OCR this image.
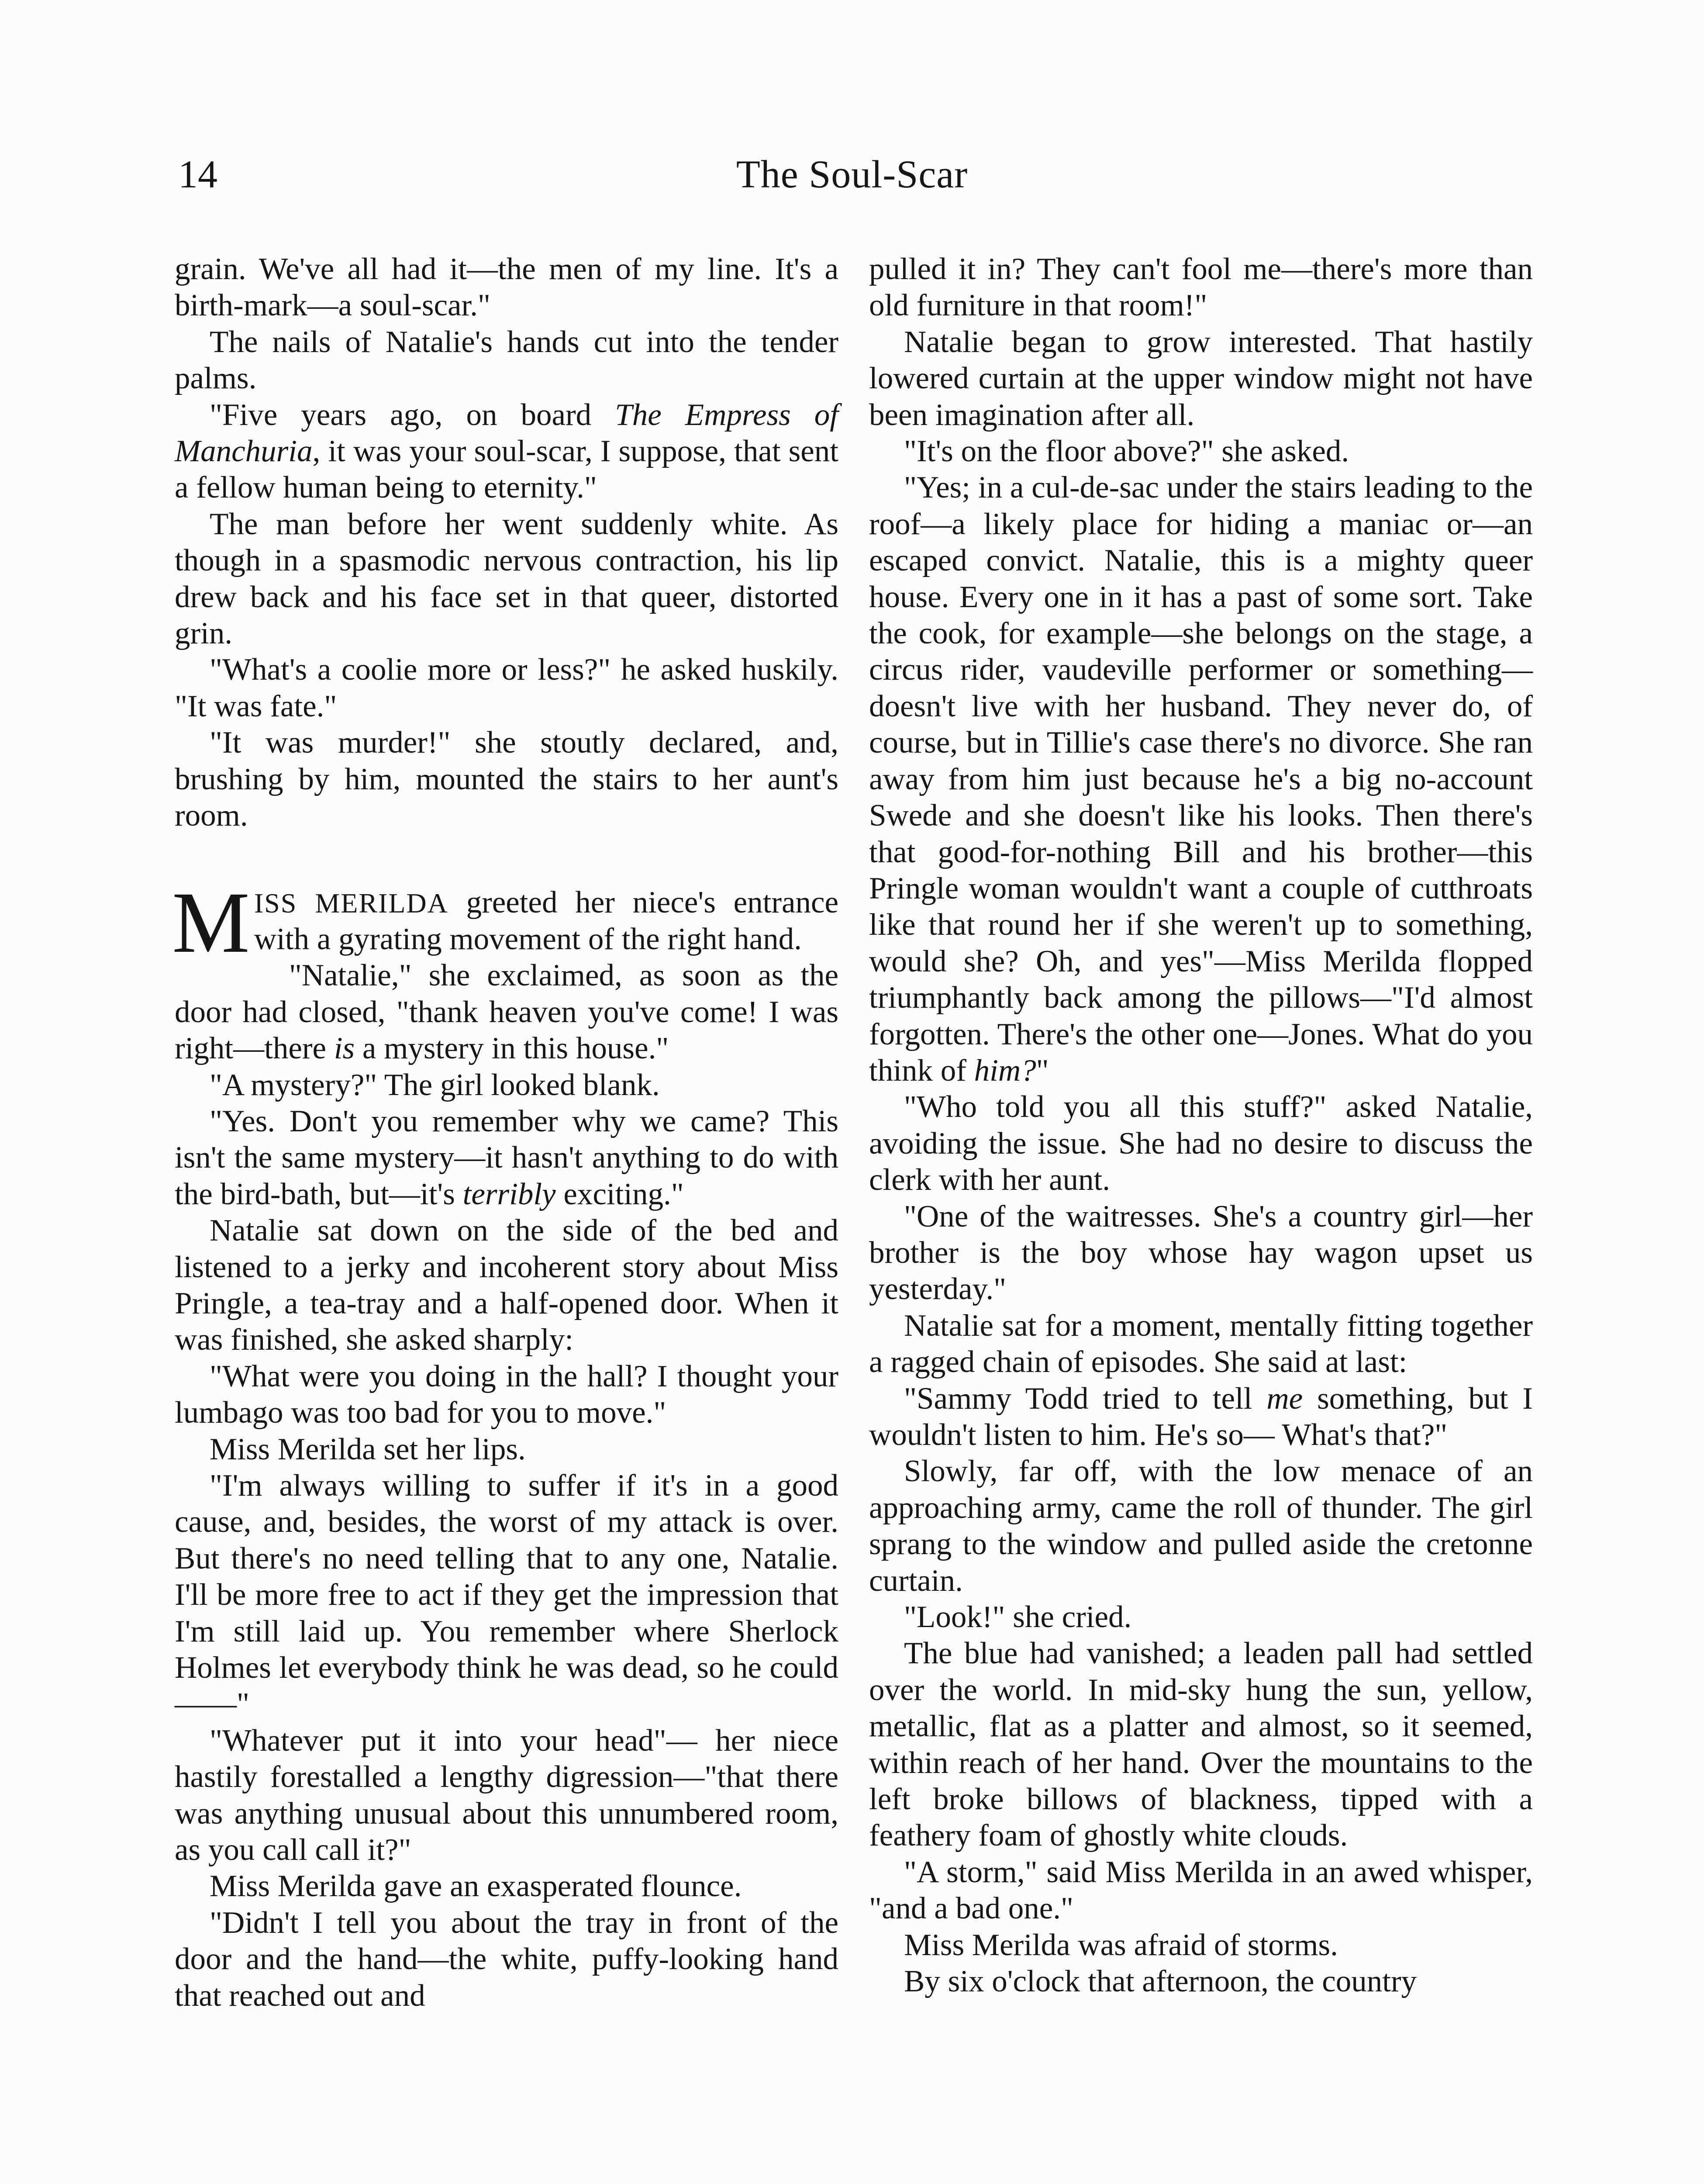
14	The Soul-Scar

grain. We've all had it—the men of my line. It's a birth-mark—a soul-scar."

The nails of Natalie's hands cut into the tender palms.

"Five years ago, on board The Empress of Manchuria, it was your soul-scar, I suppose, that sent a fellow human being to eternity."

The man before her went suddenly white. As though in a spasmodic nervous contraction, his lip drew back and his face set in that queer, distorted grin.

"What's a coolie more or less?" he asked huskily. "It was fate."

"It was murder!" she stoutly declared, and, brushing by him, mounted the stairs to her aunt's room.

MISS MERILDA greeted her niece's entrance with a gyrating movement of the right hand.

"Natalie," she exclaimed, as soon as the door had closed, "thank heaven you've come! I was right—there is a mystery in this house."

"A mystery?" The girl looked blank.

"Yes. Don't you remember why we came? This isn't the same mystery—it hasn't anything to do with the bird-bath, but—it's terribly exciting."

Natalie sat down on the side of the bed and listened to a jerky and incoherent story about Miss Pringle, a tea-tray and a half-opened door. When it was finished, she asked sharply:

"What were you doing in the hall? I thought your lumbago was too bad for you to move."

Miss Merilda set her lips.

"I'm always willing to suffer if it's in a good cause, and, besides, the worst of my attack is over. But there's no need telling that to any one, Natalie. I'll be more free to act if they get the impression that I'm still laid up. You remember where Sherlock Holmes let everybody think he was dead, so he could——"

"Whatever put it into your head"— her niece hastily forestalled a lengthy digression—"that there was anything unusual about this unnumbered room, as you call call it?"

Miss Merilda gave an exasperated flounce.

"Didn't I tell you about the tray in front of the door and the hand—the white, puffy-looking hand that reached out and

pulled it in? They can't fool me—there's more than old furniture in that room!"

Natalie began to grow interested. That hastily lowered curtain at the upper window might not have been imagination after all.

"It's on the floor above?" she asked.

"Yes; in a cul-de-sac under the stairs leading to the roof—a likely place for hiding a maniac or—an escaped convict. Natalie, this is a mighty queer house. Every one in it has a past of some sort. Take the cook, for example—she belongs on the stage, a circus rider, vaudeville performer or something—doesn't live with her husband. They never do, of course, but in Tillie's case there's no divorce. She ran away from him just because he's a big no-account Swede and she doesn't like his looks. Then there's that good-for-nothing Bill and his brother—this Pringle woman wouldn't want a couple of cutthroats like that round her if she weren't up to something, would she? Oh, and yes"—Miss Merilda flopped triumphantly back among the pillows—"I'd almost forgotten. There's the other one—Jones. What do you think of him?"

"Who told you all this stuff?" asked Natalie, avoiding the issue. She had no desire to discuss the clerk with her aunt.

"One of the waitresses. She's a country girl—her brother is the boy whose hay wagon upset us yesterday."

Natalie sat for a moment, mentally fitting together a ragged chain of episodes. She said at last:

"Sammy Todd tried to tell me something, but I wouldn't listen to him. He's so— What's that?"

Slowly, far off, with the low menace of an approaching army, came the roll of thunder. The girl sprang to the window and pulled aside the cretonne curtain.

"Look!" she cried.

The blue had vanished; a leaden pall had settled over the world. In mid-sky hung the sun, yellow, metallic, flat as a platter and almost, so it seemed, within reach of her hand. Over the mountains to the left broke billows of blackness, tipped with a feathery foam of ghostly white clouds.

"A storm," said Miss Merilda in an awed whisper, "and a bad one."

Miss Merilda was afraid of storms.

By six o'clock that afternoon, the country
